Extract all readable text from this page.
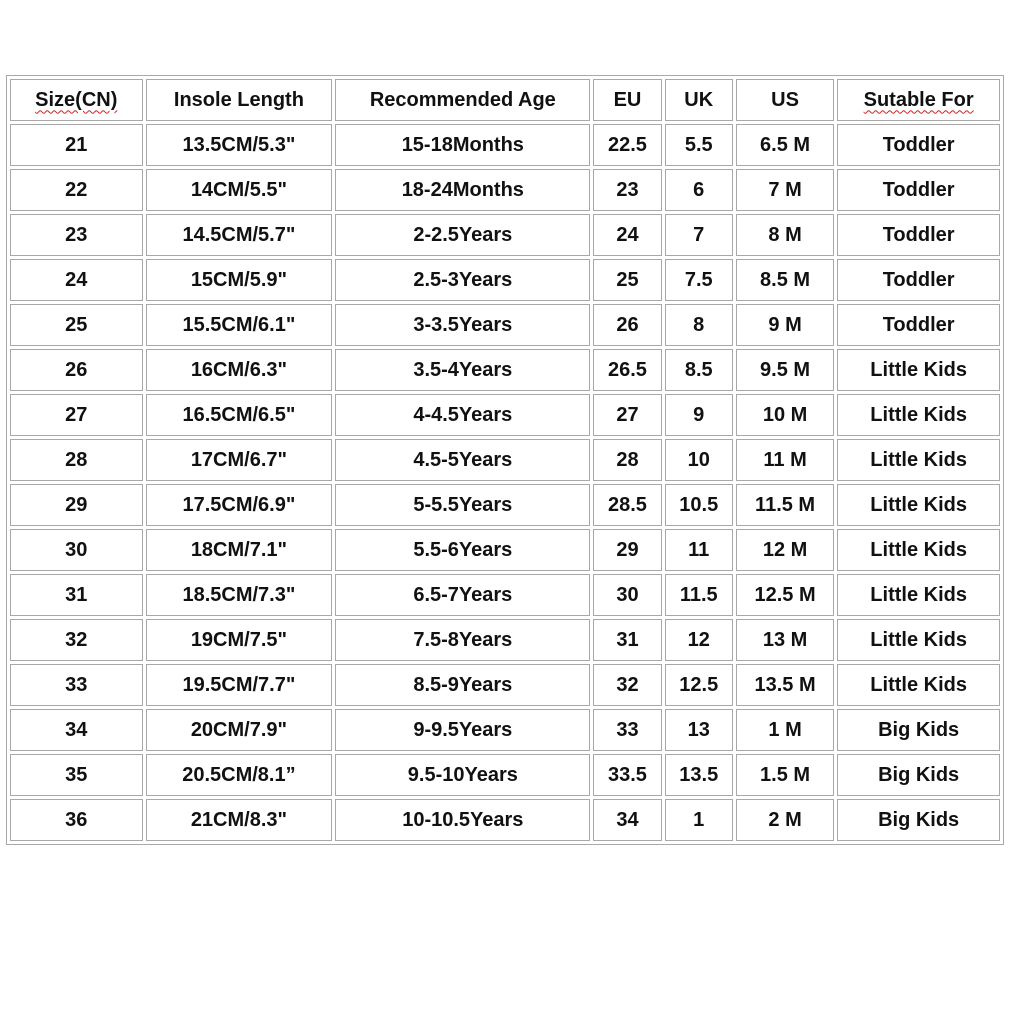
Size(CN)	Insole Length	Recommended Age	EU	UK	US	Sutable For
21	13.5CM/5.3"	15-18Months	22.5	5.5	6.5 M	Toddler
22	14CM/5.5"	18-24Months	23	6	7 M	Toddler
23	14.5CM/5.7"	2-2.5Years	24	7	8 M	Toddler
24	15CM/5.9"	2.5-3Years	25	7.5	8.5 M	Toddler
25	15.5CM/6.1"	3-3.5Years	26	8	9 M	Toddler
26	16CM/6.3"	3.5-4Years	26.5	8.5	9.5 M	Little Kids
27	16.5CM/6.5"	4-4.5Years	27	9	10 M	Little Kids
28	17CM/6.7"	4.5-5Years	28	10	11 M	Little Kids
29	17.5CM/6.9"	5-5.5Years	28.5	10.5	11.5 M	Little Kids
30	18CM/7.1"	5.5-6Years	29	11	12 M	Little Kids
31	18.5CM/7.3"	6.5-7Years	30	11.5	12.5 M	Little Kids
32	19CM/7.5"	7.5-8Years	31	12	13 M	Little Kids
33	19.5CM/7.7"	8.5-9Years	32	12.5	13.5 M	Little Kids
34	20CM/7.9"	9-9.5Years	33	13	1 M	Big Kids
35	20.5CM/8.1”	9.5-10Years	33.5	13.5	1.5 M	Big Kids
36	21CM/8.3"	10-10.5Years	34	1	2 M	Big Kids
